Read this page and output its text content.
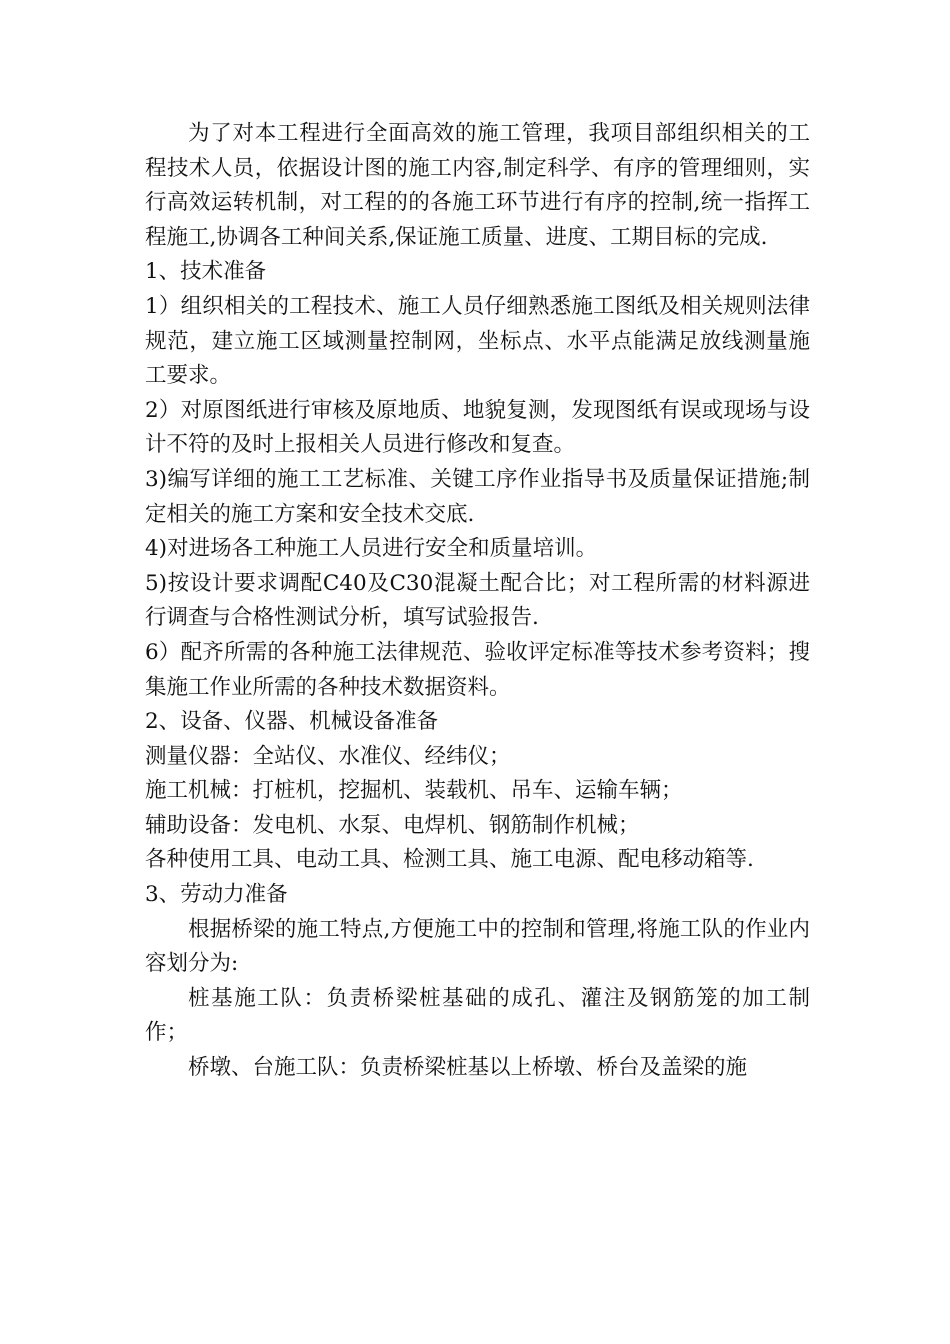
为了对本工程进行全面高效的施工管理，我项目部组织相关的工程技术人员，依据设计图的施工内容,制定科学、有序的管理细则，实行高效运转机制，对工程的的各施工环节进行有序的控制,统一指挥工程施工,协调各工种间关系,保证施工质量、进度、工期目标的完成.

1、技术准备

1）组织相关的工程技术、施工人员仔细熟悉施工图纸及相关规则法律规范，建立施工区域测量控制网，坐标点、水平点能满足放线测量施工要求。

2）对原图纸进行审核及原地质、地貌复测，发现图纸有误或现场与设计不符的及时上报相关人员进行修改和复查。

3)编写详细的施工工艺标准、关键工序作业指导书及质量保证措施;制定相关的施工方案和安全技术交底.

4)对进场各工种施工人员进行安全和质量培训。

5)按设计要求调配C40及C30混凝土配合比；对工程所需的材料源进行调查与合格性测试分析，填写试验报告.

6）配齐所需的各种施工法律规范、验收评定标准等技术参考资料；搜集施工作业所需的各种技术数据资料。

2、设备、仪器、机械设备准备

测量仪器：全站仪、水准仪、经纬仪；

施工机械：打桩机，挖掘机、装载机、吊车、运输车辆；

辅助设备：发电机、水泵、电焊机、钢筋制作机械；

各种使用工具、电动工具、检测工具、施工电源、配电移动箱等.

3、劳动力准备

根据桥梁的施工特点,方便施工中的控制和管理,将施工队的作业内容划分为:

桩基施工队：负责桥梁桩基础的成孔、灌注及钢筋笼的加工制作；

桥墩、台施工队：负责桥梁桩基以上桥墩、桥台及盖梁的施
